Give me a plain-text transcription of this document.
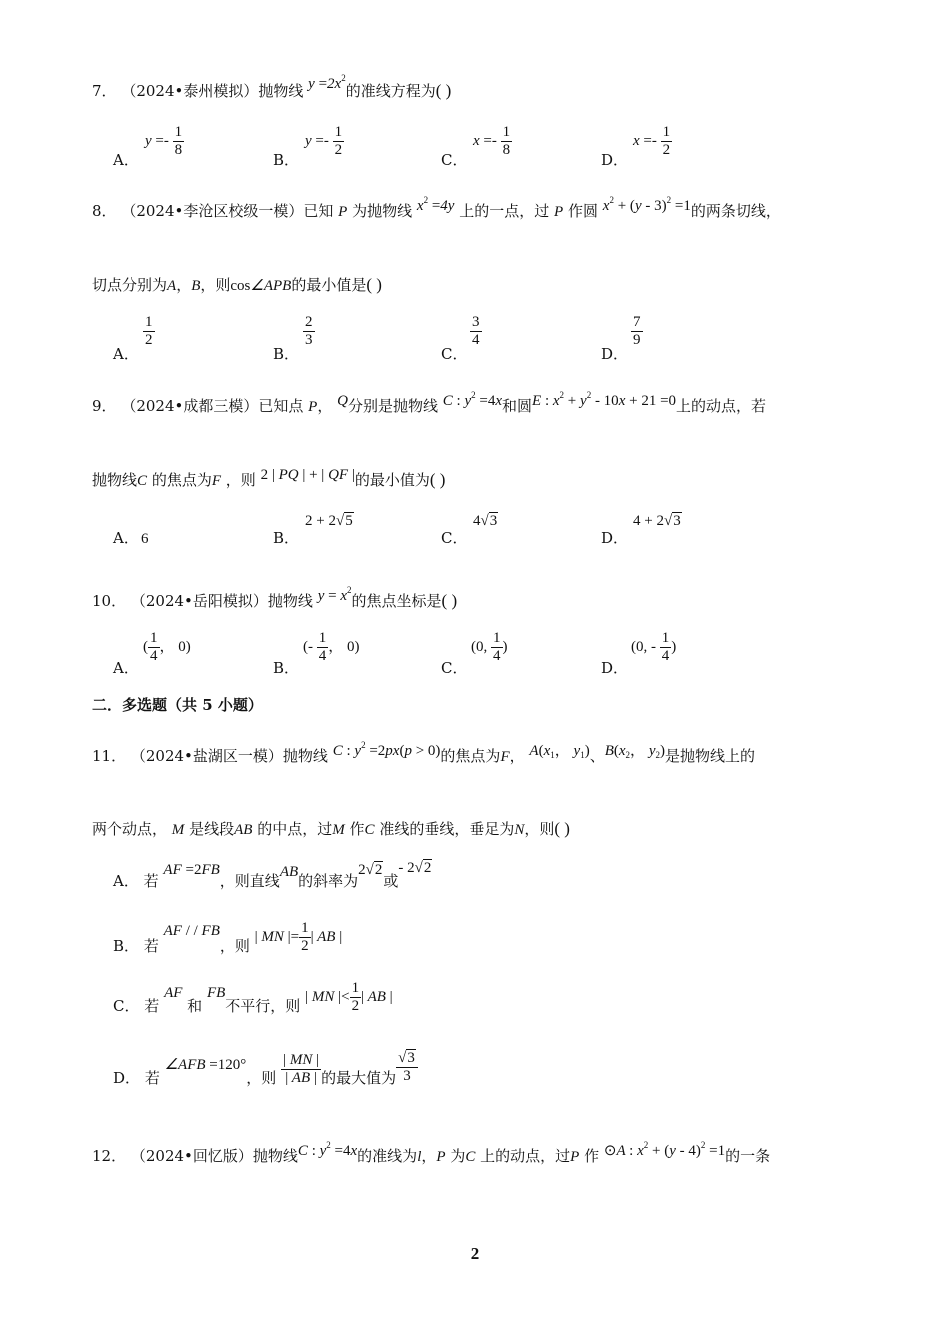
7． （2024•泰州模拟）抛物线 $y =2x^2$的准线方程为( )
A．
$y =- \frac{1}{8}$
B．
$y =- \frac{1}{2}$
C．
$x =- \frac{1}{8}$
D．
$x =- \frac{1}{2}$
8． （2024•李沧区校级一模）已知 P 为抛物线 $x^2 =4y$ 上的一点，过 P 作圆 $x^2 + (y - 3)^2 =1$的两条切线，
切点分别为A，B，则cos∠APB的最小值是( )
A．
$\frac{1}{2}$
B．
$\frac{2}{3}$
C．
$\frac{3}{4}$
D．
$\frac{7}{9}$
9． （2024•成都三模）已知点 P， Q分别是抛物线 C : $y^2 =4x$和圆E : $x^2 + y^2 - 10x + 21 =0$上的动点，若
抛物线C 的焦点为F ，则 2 | PQ | + | QF |的最小值为( )
A． 6	B．
2 + 2√5
C．
4√3
D．
4 + 2√3
10． （2024•岳阳模拟）抛物线 $y = x^2$的焦点坐标是( )
A．
( $\frac{1}{4}$ ， 0)
B．
(- $\frac{1}{4}$ ， 0)
C．
(0, $\frac{1}{4}$ )
D．
(0, - $\frac{1}{4}$ )
二．多选题（共 5 小题）
11． （2024•盐湖区一模）抛物线 C : $y^2 =2px(p > 0)$的焦点为F， $A(x_1$， $y_1$)、$B(x_2$， $y_2$)是抛物线上的
两个动点， M 是线段AB 的中点，过M 作C 准线的垂线，垂足为N，则( )
A． 若 AF =2FB，则直线AB的斜率为2√2或- 2√2
B． 若 AF / / FB，则 | MN |= $\frac{1}{2}$ | AB |
C． 若 AF 和 FB不平行，则 | MN |< $\frac{1}{2}$ | AB |
D． 若 ∠AFB =120°，则 $\frac{| MN |}{| AB |}$ 的最大值为 $\frac{√3}{3}$
12． （2024•回忆版）抛物线C : $y^2 =4x$的准线为l，P 为C 上的动点，过P 作 ⊙A : $x^2 + (y - 4)^2 =1$的一条
2
